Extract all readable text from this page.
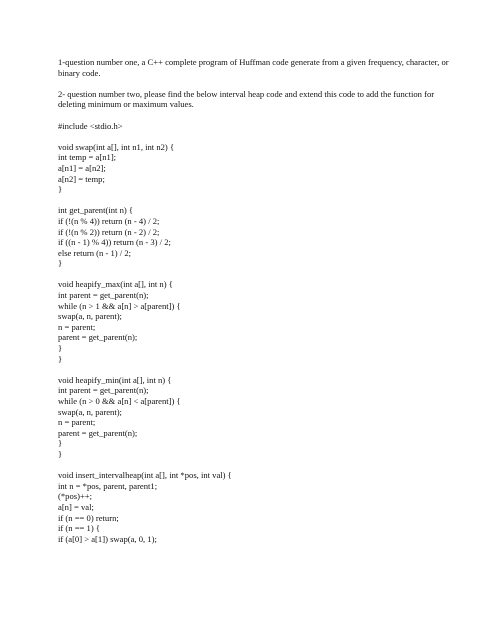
1-question number one, a C++ complete program of Huffman code generate from a given frequency, character, or binary code.

2- question number two, please find the below interval heap code and extend this code to add the function for deleting minimum or maximum values.

#include <stdio.h>
void swap(int a[], int n1, int n2) {
int temp = a[n1];
a[n1] = a[n2];
a[n2] = temp;
}
int get_parent(int n) {
if (!(n % 4)) return (n - 4) / 2;
if (!(n % 2)) return (n - 2) / 2;
if ((n - 1) % 4)) return (n - 3) / 2;
else return (n - 1) / 2;
}
void heapify_max(int a[], int n) {
int parent = get_parent(n);
while (n > 1 && a[n] > a[parent]) {
swap(a, n, parent);
n = parent;
parent = get_parent(n);
}
}
void heapify_min(int a[], int n) {
int parent = get_parent(n);
while (n > 0 && a[n] < a[parent]) {
swap(a, n, parent);
n = parent;
parent = get_parent(n);
}
}
void insert_intervalheap(int a[], int *pos, int val) {
int n = *pos, parent, parent1;
(*pos)++;
a[n] = val;
if (n == 0) return;
if (n == 1) {
if (a[0] > a[1]) swap(a, 0, 1);
